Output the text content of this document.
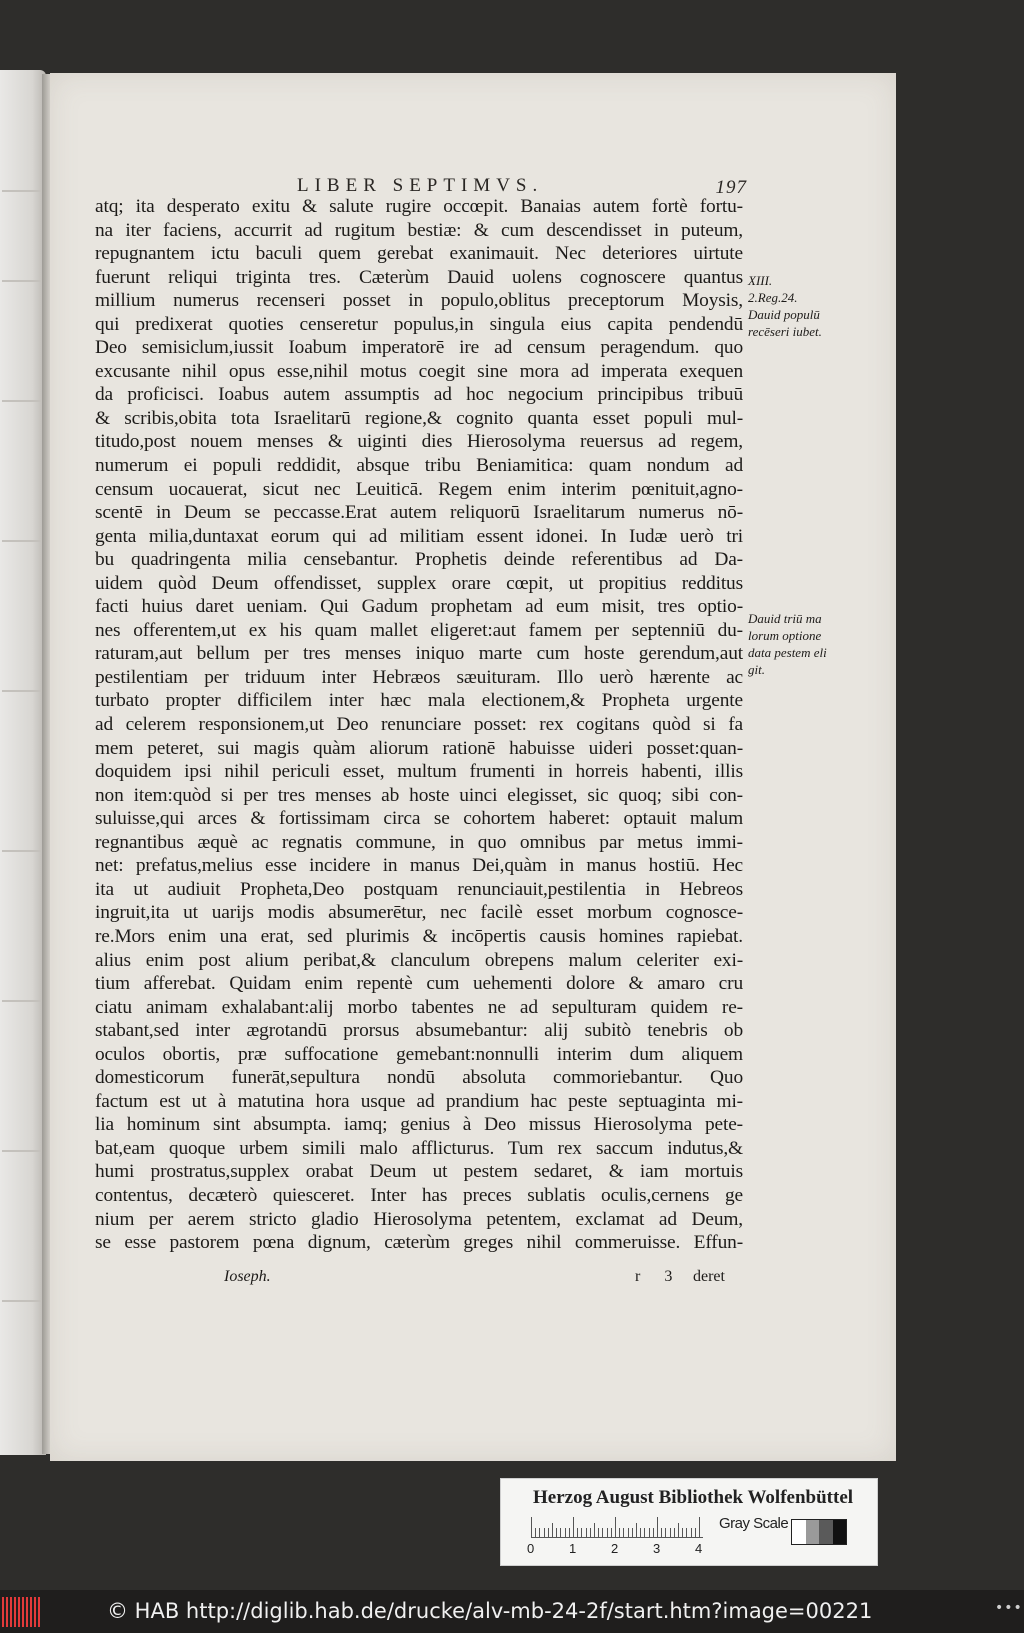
LIBER SEPTIMVS.	197
atq; ita desperato exitu & salute rugire occœpit. Banaias autem fortè fortu-
na iter faciens, accurrit ad rugitum bestiæ: & cum descendisset in puteum,
repugnantem ictu baculi quem gerebat exanimauit. Nec deteriores uirtute
fuerunt reliqui triginta tres. Cæterùm Dauid uolens cognoscere quantus
millium numerus recenseri posset in populo,oblitus preceptorum Moysis,
qui predixerat quoties censeretur populus,in singula eius capita pendendū
Deo semisiclum,iussit Ioabum imperatorē ire ad censum peragendum. quo
excusante nihil opus esse,nihil motus coegit sine mora ad imperata exequen
da proficisci. Ioabus autem assumptis ad hoc negocium principibus tribuū
& scribis,obita tota Israelitarū regione,& cognito quanta esset populi mul-
titudo,post nouem menses & uiginti dies Hierosolyma reuersus ad regem,
numerum ei populi reddidit, absque tribu Beniamitica: quam nondum ad
censum uocauerat, sicut nec Leuiticā. Regem enim interim pœnituit,agno-
scentē in Deum se peccasse.Erat autem reliquorū Israelitarum numerus nō-
genta milia,duntaxat eorum qui ad militiam essent idonei. In Iudæ uerò tri
bu quadringenta milia censebantur. Prophetis deinde referentibus ad Da-
uidem quòd Deum offendisset, supplex orare cœpit, ut propitius redditus
facti huius daret ueniam. Qui Gadum prophetam ad eum misit, tres optio-
nes offerentem,ut ex his quam mallet eligeret:aut famem per septenniū du-
raturam,aut bellum per tres menses iniquo marte cum hoste gerendum,aut
pestilentiam per triduum inter Hebræos sæuituram. Illo uerò hærente ac
turbato propter difficilem inter hæc mala electionem,& Propheta urgente
ad celerem responsionem,ut Deo renunciare posset: rex cogitans quòd si fa
mem peteret, sui magis quàm aliorum rationē habuisse uideri posset:quan-
doquidem ipsi nihil periculi esset, multum frumenti in horreis habenti, illis
non item:quòd si per tres menses ab hoste uinci elegisset, sic quoq; sibi con-
suluisse,qui arces & fortissimam circa se cohortem haberet: optauit malum
regnantibus æquè ac regnatis commune, in quo omnibus par metus immi-
net: prefatus,melius esse incidere in manus Dei,quàm in manus hostiū. Hec
ita ut audiuit Propheta,Deo postquam renunciauit,pestilentia in Hebreos
ingruit,ita ut uarijs modis absumerētur, nec facilè esset morbum cognosce-
re.Mors enim una erat, sed plurimis & incōpertis causis homines rapiebat.
alius enim post alium peribat,& clanculum obrepens malum celeriter exi-
tium afferebat. Quidam enim repentè cum uehementi dolore & amaro cru
ciatu animam exhalabant:alij morbo tabentes ne ad sepulturam quidem re-
stabant,sed inter ægrotandū prorsus absumebantur: alij subitò tenebris ob
oculos obortis, præ suffocatione gemebant:nonnulli interim dum aliquem
domesticorum funerāt,sepultura nondū absoluta commoriebantur. Quo
factum est ut à matutina hora usque ad prandium hac peste septuaginta mi-
lia hominum sint absumpta. iamq; genius à Deo missus Hierosolyma pete-
bat,eam quoque urbem simili malo afflicturus. Tum rex saccum indutus,&
humi prostratus,supplex orabat Deum ut pestem sedaret, & iam mortuis
contentus, decæterò quiesceret. Inter has preces sublatis oculis,cernens ge
nium per aerem stricto gladio Hierosolyma petentem, exclamat ad Deum,
se esse pastorem pœna dignum, cæterùm greges nihil commeruisse. Effun-
XIII.
2.Reg.24.
Dauid populū
recēseri iubet.
Dauid triū ma
lorum optione
data pestem eli
git.
Ioseph.	r 3 deret
Herzog August Bibliothek Wolfenbüttel
0	1	2	3	4
Gray Scale
© HAB http://diglib.hab.de/drucke/alv-mb-24-2f/start.htm?image=00221	•••
